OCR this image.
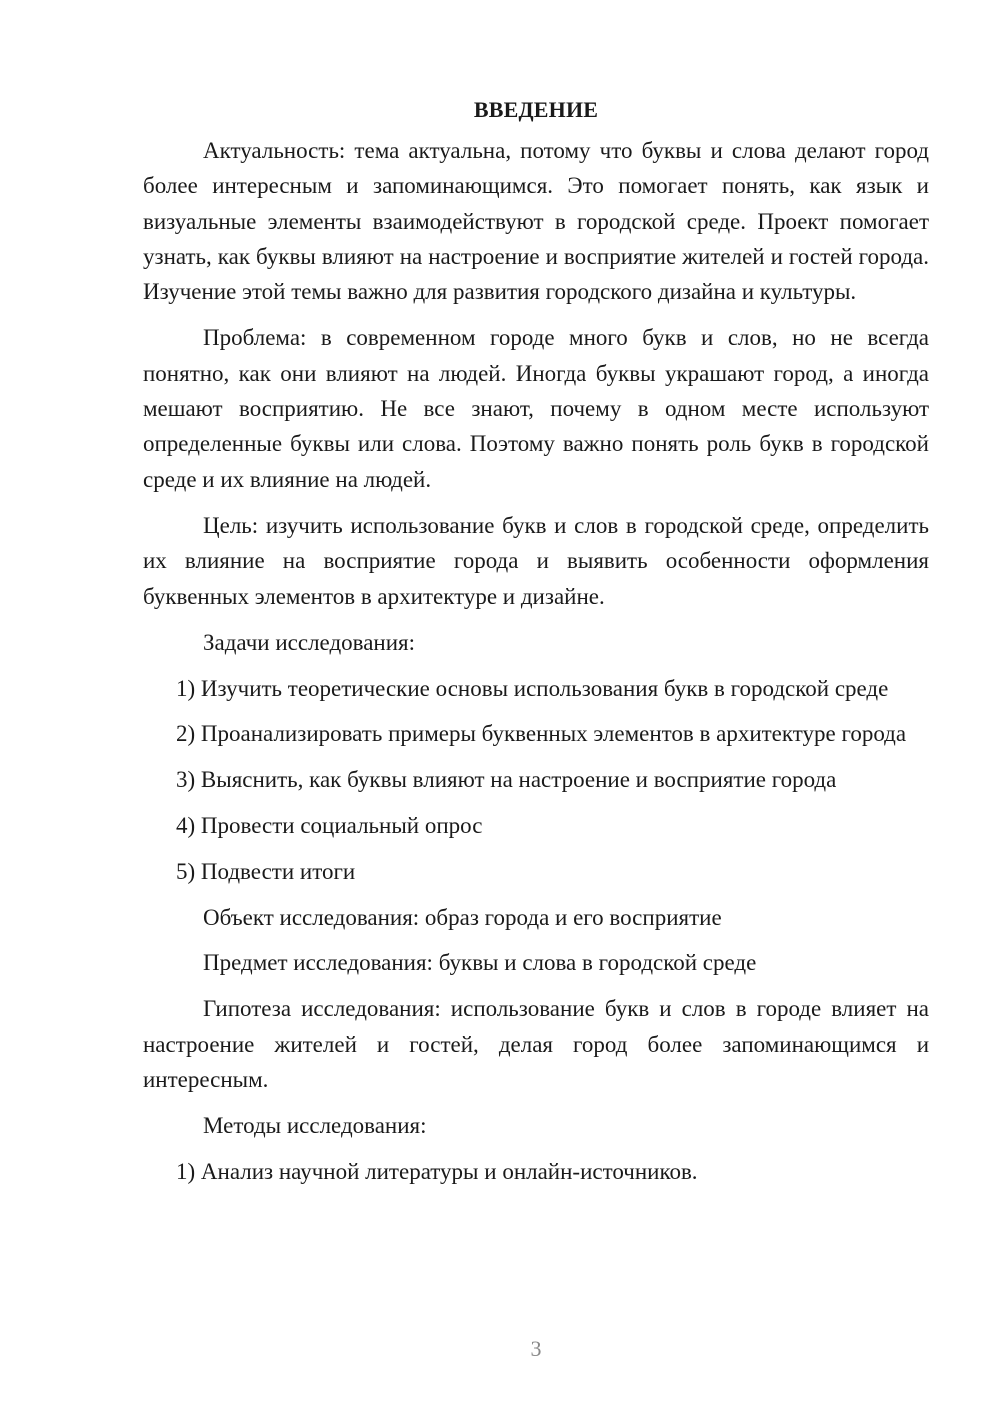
ВВЕДЕНИЕ

Актуальность: тема актуальна, потому что буквы и слова делают город более интересным и запоминающимся. Это помогает понять, как язык и визуальные элементы взаимодействуют в городской среде. Проект помогает узнать, как буквы влияют на настроение и восприятие жителей и гостей города. Изучение этой темы важно для развития городского дизайна и культуры.

Проблема: в современном городе много букв и слов, но не всегда понятно, как они влияют на людей. Иногда буквы украшают город, а иногда мешают восприятию. Не все знают, почему в одном месте используют определенные буквы или слова. Поэтому важно понять роль букв в городской среде и их влияние на людей.

Цель: изучить использование букв и слов в городской среде, определить их влияние на восприятие города и выявить особенности оформления буквенных элементов в архитектуре и дизайне.

Задачи исследования:

1) Изучить теоретические основы использования букв в городской среде

2) Проанализировать примеры буквенных элементов в архитектуре города

3) Выяснить, как буквы влияют на настроение и восприятие города

4) Провести социальный опрос

5) Подвести итоги

Объект исследования: образ города и его восприятие
Предмет исследования: буквы и слова в городской среде

Гипотеза исследования: использование букв и слов в городе влияет на настроение жителей и гостей, делая город более запоминающимся и интересным.

Методы исследования:

1) Анализ научной литературы и онлайн-источников.

3
